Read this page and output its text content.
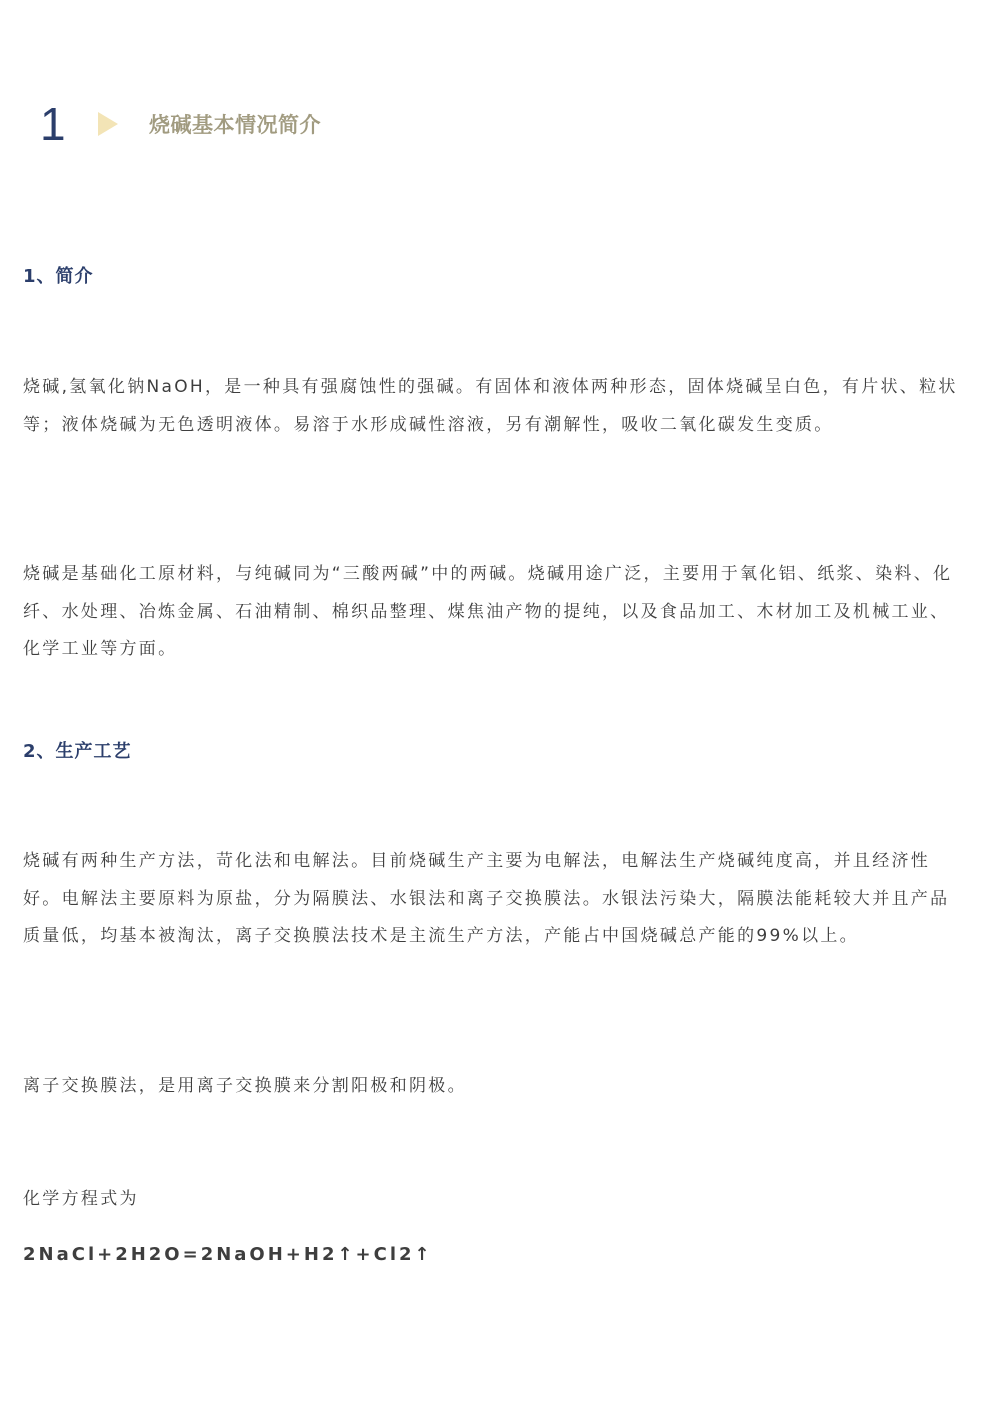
1	烧碱基本情况简介
1、简介

烧碱,氢氧化钠NaOH，是一种具有强腐蚀性的强碱。有固体和液体两种形态，固体烧碱呈白色，有片状、粒状等；液体烧碱为无色透明液体。易溶于水形成碱性溶液，另有潮解性，吸收二氧化碳发生变质。

烧碱是基础化工原材料，与纯碱同为“三酸两碱”中的两碱。烧碱用途广泛，主要用于氧化铝、纸浆、染料、化纤、水处理、冶炼金属、石油精制、棉织品整理、煤焦油产物的提纯，以及食品加工、木材加工及机械工业、化学工业等方面。

2、生产工艺

烧碱有两种生产方法，苛化法和电解法。目前烧碱生产主要为电解法，电解法生产烧碱纯度高，并且经济性好。电解法主要原料为原盐，分为隔膜法、水银法和离子交换膜法。水银法污染大，隔膜法能耗较大并且产品质量低，均基本被淘汰，离子交换膜法技术是主流生产方法，产能占中国烧碱总产能的99%以上。

离子交换膜法，是用离子交换膜来分割阳极和阴极。

化学方程式为

2NaCl+2H2O=2NaOH+H2↑+Cl2↑
